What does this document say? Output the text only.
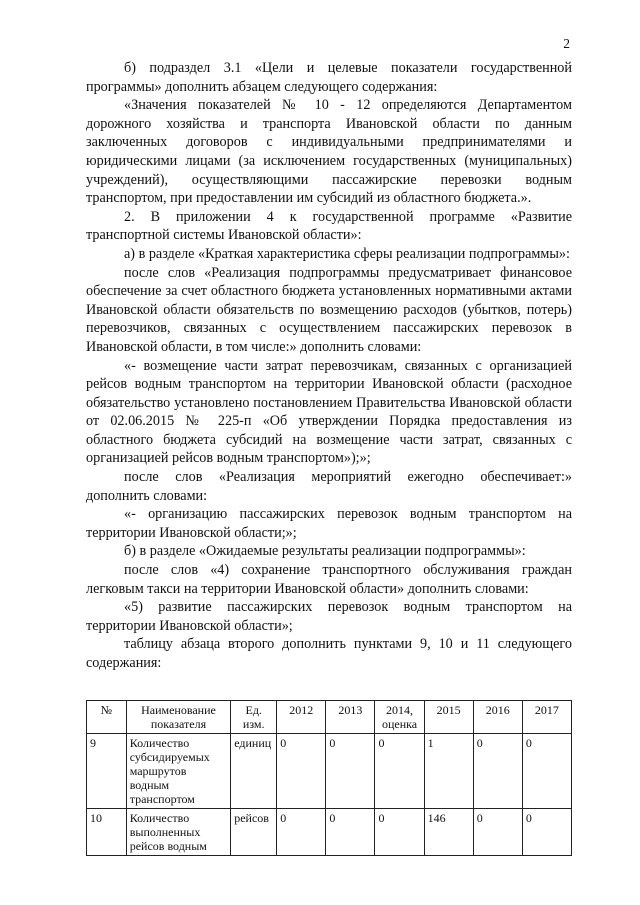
2

б) подраздел 3.1 «Цели и целевые показатели государственной программы» дополнить абзацем следующего содержания:

«Значения показателей № 10 - 12 определяются Департаментом дорожного хозяйства и транспорта Ивановской области по данным заключенных договоров с индивидуальными предпринимателями и юридическими лицами (за исключением государственных (муниципальных) учреждений), осуществляющими пассажирские перевозки водным транспортом, при предоставлении им субсидий из областного бюджета.».

2. В приложении 4 к государственной программе «Развитие транспортной системы Ивановской области»:

а) в разделе «Краткая характеристика сферы реализации подпрограммы»:

после слов «Реализация подпрограммы предусматривает финансовое обеспечение за счет областного бюджета установленных нормативными актами Ивановской области обязательств по возмещению расходов (убытков, потерь) перевозчиков, связанных с осуществлением пассажирских перевозок в Ивановской области, в том числе:» дополнить словами:

«- возмещение части затрат перевозчикам, связанных с организацией рейсов водным транспортом на территории Ивановской области (расходное обязательство установлено постановлением Правительства Ивановской области от 02.06.2015 № 225-п «Об утверждении Порядка предоставления из областного бюджета субсидий на возмещение части затрат, связанных с организацией рейсов водным транспортом»);»;

после слов «Реализация мероприятий ежегодно обеспечивает:» дополнить словами:

«- организацию пассажирских перевозок водным транспортом на территории Ивановской области;»;

б) в разделе «Ожидаемые результаты реализации подпрограммы»:

после слов «4) сохранение транспортного обслуживания граждан легковым такси на территории Ивановской области» дополнить словами:

«5) развитие пассажирских перевозок водным транспортом на территории Ивановской области»;

таблицу абзаца второго дополнить пунктами 9, 10 и 11 следующего содержания:

№	Наименование показателя	Ед. изм.	2012	2013	2014, оценка	2015	2016	2017
9	Количество субсидируемых маршрутов водным транспортом	единиц	0	0	0	1	0	0
10	Количество выполненных рейсов водным	рейсов	0	0	0	146	0	0
